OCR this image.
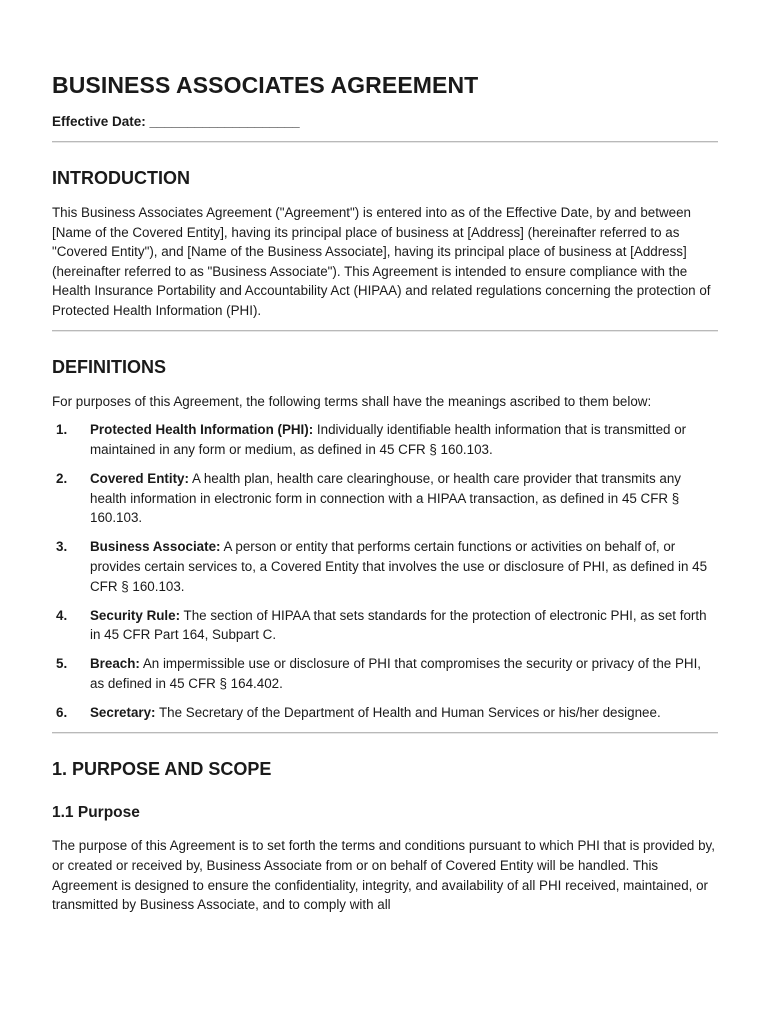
BUSINESS ASSOCIATES AGREEMENT
Effective Date: ____________________
INTRODUCTION

This Business Associates Agreement ("Agreement") is entered into as of the Effective Date, by and between [Name of the Covered Entity], having its principal place of business at [Address] (hereinafter referred to as "Covered Entity"), and [Name of the Business Associate], having its principal place of business at [Address] (hereinafter referred to as "Business Associate"). This Agreement is intended to ensure compliance with the Health Insurance Portability and Accountability Act (HIPAA) and related regulations concerning the protection of Protected Health Information (PHI).

DEFINITIONS

For purposes of this Agreement, the following terms shall have the meanings ascribed to them below:

1. Protected Health Information (PHI): Individually identifiable health information that is transmitted or maintained in any form or medium, as defined in 45 CFR § 160.103.
2. Covered Entity: A health plan, health care clearinghouse, or health care provider that transmits any health information in electronic form in connection with a HIPAA transaction, as defined in 45 CFR § 160.103.
3. Business Associate: A person or entity that performs certain functions or activities on behalf of, or provides certain services to, a Covered Entity that involves the use or disclosure of PHI, as defined in 45 CFR § 160.103.
4. Security Rule: The section of HIPAA that sets standards for the protection of electronic PHI, as set forth in 45 CFR Part 164, Subpart C.
5. Breach: An impermissible use or disclosure of PHI that compromises the security or privacy of the PHI, as defined in 45 CFR § 164.402.
6. Secretary: The Secretary of the Department of Health and Human Services or his/her designee.
1. PURPOSE AND SCOPE
1.1 Purpose

The purpose of this Agreement is to set forth the terms and conditions pursuant to which PHI that is provided by, or created or received by, Business Associate from or on behalf of Covered Entity will be handled. This Agreement is designed to ensure the confidentiality, integrity, and availability of all PHI received, maintained, or transmitted by Business Associate, and to comply with all
